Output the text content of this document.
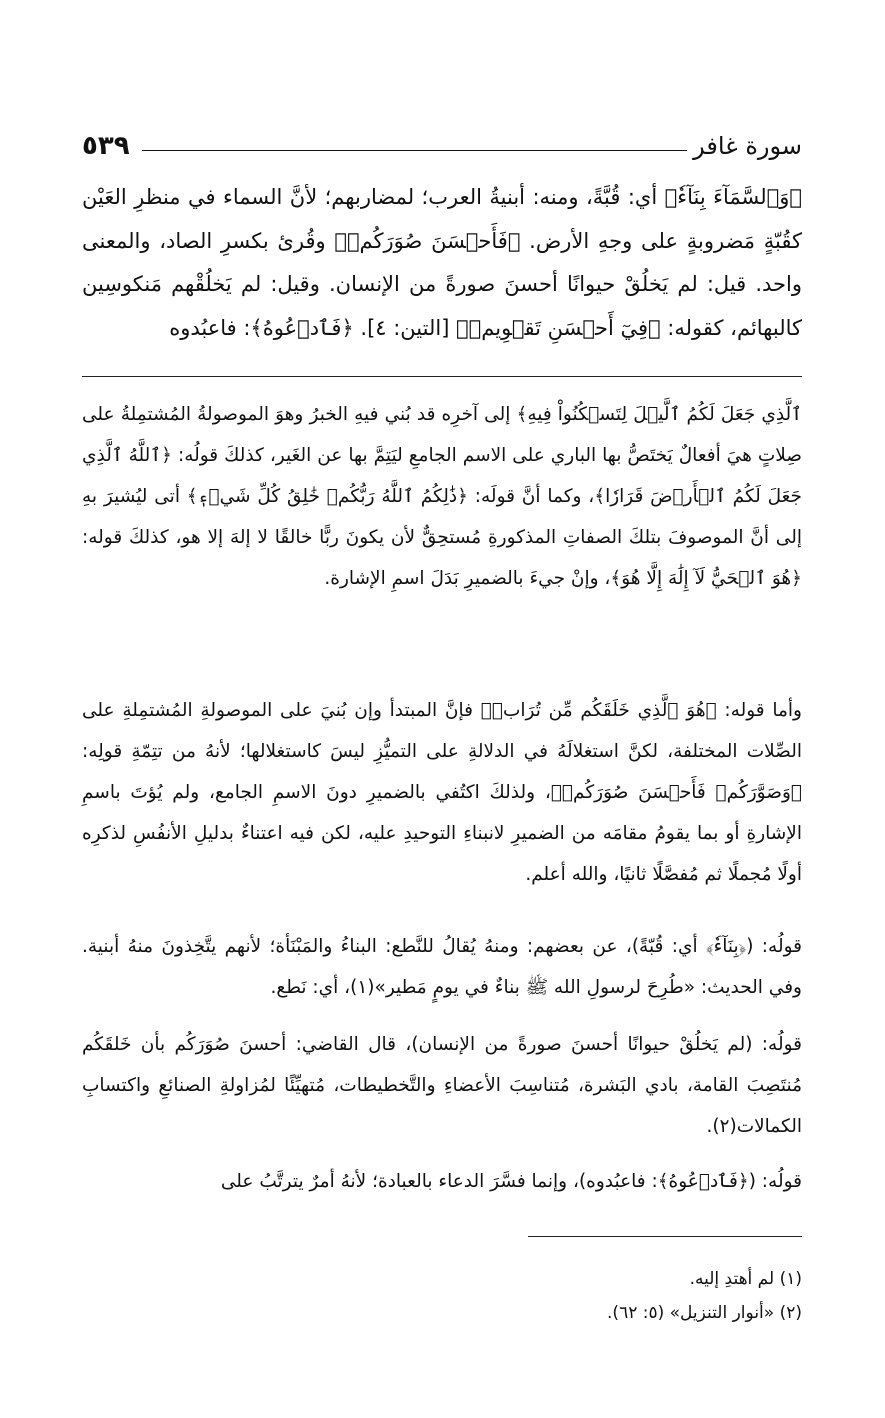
سورة غافر
٥٣٩

﴿وَٱلسَّمَآءَ بِنَآءٗ﴾ أي: قُبَّةً، ومنه: أبنيةُ العرب؛ لمضاربهم؛ لأنَّ السماء في منظرِ العَيْن كقُبّةٍ مَضروبةٍ على وجهِ الأرض. ﴿فَأَحۡسَنَ صُوَرَكُمۡ﴾ وقُرئ بكسرِ الصاد، والمعنى واحد. قيل: لم يَخلُقْ حيوانًا أحسنَ صورةً من الإنسان. وقيل: لم يَخلُقْهم مَنكوسِين كالبهائم، كقوله: ﴿فِيٓ أَحۡسَنِ تَقۡوِيمٖ﴾ [التين: ٤]. ﴿فَٱدۡعُوهُ﴾: فاعبُدوه

ٱلَّذِي جَعَلَ لَكُمُ ٱلَّيۡلَ لِتَسۡكُنُواْ فِيهِ﴾ إلى آخرِه قد بُني فيهِ الخبرُ وهوَ الموصولةُ المُشتمِلةُ على صِلاتٍ هيَ أفعالٌ يَختَصُّ بها الباري على الاسم الجامعِ ليَتِمَّ بها عن الغَير، كذلكَ قولُه: ﴿ٱللَّهُ ٱلَّذِي جَعَلَ لَكُمُ ٱلۡأَرۡضَ قَرَارٗا﴾، وكما أنَّ قولَه: ﴿ذَٰلِكُمُ ٱللَّهُ رَبُّكُمۡ خَٰلِقُ كُلِّ شَيۡءٖ﴾ أتى ليُشيرَ بهِ إلى أنَّ الموصوفَ بتلكَ الصفاتِ المذكورةِ مُستحِقٌّ لأن يكونَ ربًّا خالقًا لا إلهَ إلا هو، كذلكَ قوله: ﴿هُوَ ٱلۡحَيُّ لَآ إِلَٰهَ إِلَّا هُوَ﴾، وإنْ جيءَ بالضميرِ بَدَلَ اسمِ الإشارة.

وأما قوله: ﴿هُوَ ٱلَّذِي خَلَقَكُم مِّن تُرَابٖ﴾ فإنَّ المبتدأ وإن بُنيَ على الموصولةِ المُشتمِلةِ على الصِّلات المختلفة، لكنَّ استغلالَهُ في الدلالةِ على التميُّزِ ليسَ كاستغلالها؛ لأنهُ من تتِمّةِ قولِه: ﴿وَصَوَّرَكُمۡ فَأَحۡسَنَ صُوَرَكُمۡ﴾، ولذلكَ اكتُفي بالضميرِ دونَ الاسمِ الجامع، ولم يُؤتَ باسمِ الإشارةِ أو بما يقومُ مقامَه من الضميرِ لانبناءِ التوحيدِ عليه، لكن فيه اعتناءٌ بدليلِ الأنفُسِ لذكرِه أولًا مُجملًا ثم مُفصَّلًا ثانيًا، والله أعلم.

قولُه: (﴿بِنَآءٗ﴾ أي: قُبّةً)، عن بعضهم: ومنهُ يُقالُ للنَّطع: البناءُ والمَبْنَأة؛ لأنهم يتَّخِذونَ منهُ أبنية. وفي الحديث: «طُرِحَ لرسولِ الله ﷺ بناءٌ في يومٍ مَطير»(١)، أي: نَطع.

قولُه: (لم يَخلُقْ حيوانًا أحسنَ صورةً من الإنسان)، قال القاضي: أحسنَ صُوَرَكُم بأن خَلقَكُم مُنتَصِبَ القامة، بادي البَشرة، مُتناسِبَ الأعضاءِ والتَّخطيطات، مُتهيِّئًا لمُزاولةِ الصنائعِ واكتسابِ الكمالات(٢).

قولُه: (﴿فَٱدۡعُوهُ﴾: فاعبُدوه)، وإنما فسَّرَ الدعاء بالعبادة؛ لأنهُ أمرٌ يترتَّبُ على

(١) لم أهتدِ إليه.

(٢) «أنوار التنزيل» (٥: ٦٢).
